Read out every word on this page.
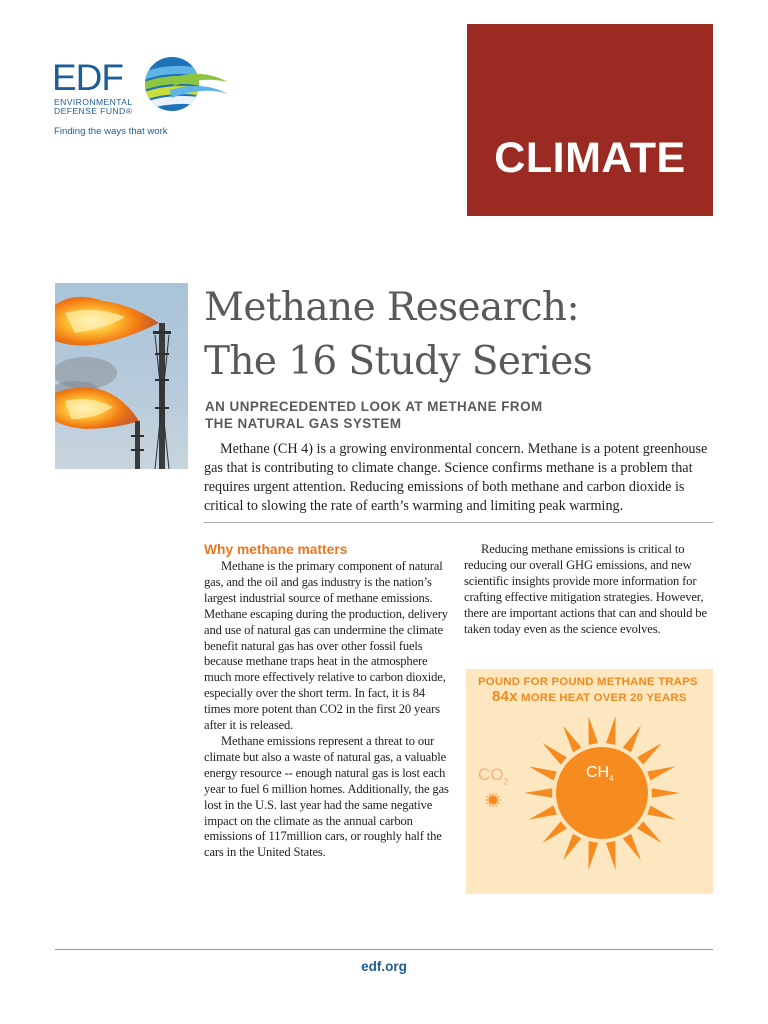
EDF
ENVIRONMENTAL
DEFENSE FUND®
Finding the ways that work
CLIMATE
Methane Research:
The 16 Study Series
AN UNPRECEDENTED LOOK AT METHANE FROM
THE NATURAL GAS SYSTEM

Methane (CH 4) is a growing environmental concern. Methane is a potent greenhouse gas that is contributing to climate change. Science confirms methane is a problem that requires urgent attention. Reducing emissions of both methane and carbon dioxide is critical to slowing the rate of earth’s warming and limiting peak warming.

Why methane matters

Methane is the primary component of natural gas, and the oil and gas industry is the nation’s largest industrial source of methane emissions. Methane escaping during the production, delivery and use of natural gas can undermine the climate benefit natural gas has over other fossil fuels because methane traps heat in the atmosphere much more effectively relative to carbon dioxide, especially over the short term. In fact, it is 84 times more potent than CO2 in the first 20 years after it is released.

Methane emissions represent a threat to our climate but also a waste of natural gas, a valuable energy resource -- enough natural gas is lost each year to fuel 6 million homes. Additionally, the gas lost in the U.S. last year had the same negative impact on the climate as the annual carbon emissions of 117million cars, or roughly half the cars in the United States.

Reducing methane emissions is critical to reducing our overall GHG emissions, and new scientific insights provide more information for crafting effective mitigation strategies. However, there are important actions that can and should be taken today even as the science evolves.

POUND FOR POUND METHANE TRAPS
84x MORE HEAT OVER 20 YEARS
$CO_2$
$CH_4$
edf.org
